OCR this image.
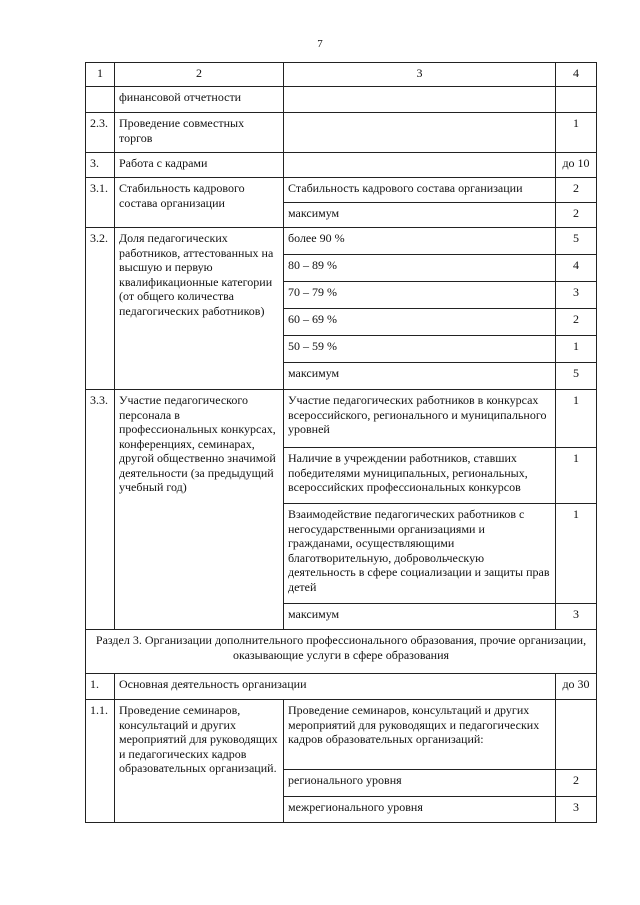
7
1	2	3	4
	финансовой отчетности		
2.3.	Проведение совместных торгов		1
3.	Работа с кадрами		до 10
3.1.	Стабильность кадрового состава организации	Стабильность кадрового состава организации	2
		максимум	2
3.2.	Доля педагогических работников, аттестованных на высшую и первую квалификационные категории (от общего количества педагогических работников)	более 90 %	5
		80 – 89 %	4
		70 – 79 %	3
		60 – 69 %	2
		50 – 59 %	1
		максимум	5
3.3.	Участие педагогического персонала в профессиональных конкурсах, конференциях, семинарах, другой общественно значимой деятельности (за предыдущий учебный год)	Участие педагогических работников в конкурсах всероссийского, регионального и муниципального уровней	1
		Наличие в учреждении работников, ставших победителями муниципальных, региональных, всероссийских профессиональных конкурсов	1
		Взаимодействие педагогических работников с негосударственными организациями и гражданами, осуществляющими благотворительную, добровольческую деятельность в сфере социализации и защиты прав детей	1
		максимум	3
Раздел 3. Организации дополнительного профессионального образования, прочие организации, оказывающие услуги в сфере образования			
1.	Основная деятельность организации		до 30
1.1.	Проведение семинаров, консультаций и других мероприятий для руководящих и педагогических кадров образовательных организаций.	Проведение семинаров, консультаций и других мероприятий для руководящих и педагогических кадров образовательных организаций:	
		регионального уровня	2
		межрегионального уровня	3
